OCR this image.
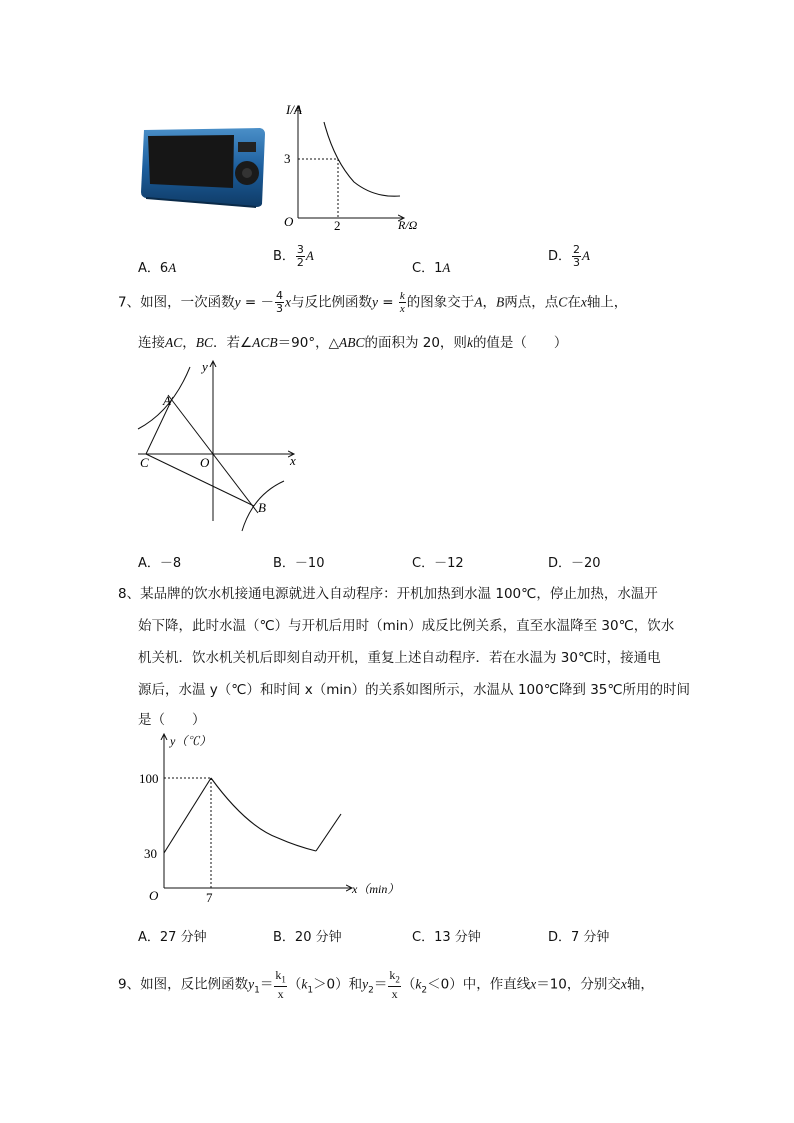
I/A
R/Ω
O
3
2
A．6A
B． $\frac{3}{2}$ A
C．1A
D． $\frac{2}{3}$ A
7、如图，一次函数y = － $\frac{4}{3}$ x与反比例函数$y = \frac{k}{x}$ 的图象交于A，B两点，点C在x轴上，
连接AC，BC．若∠ACB＝90°，△ABC的面积为 20，则k的值是（　　）
A
B
C	O	x
y
A．－8	B．－10	C．－12	D．－20
8、某品牌的饮水机接通电源就进入自动程序：开机加热到水温 100℃，停止加热，水温开
始下降，此时水温（℃）与开机后用时（min）成反比例关系，直至水温降至 30℃，饮水
机关机．饮水机关机后即刻自动开机，重复上述自动程序．若在水温为 30℃时，接通电
源后，水温 y（℃）和时间 x（min）的关系如图所示，水温从 100℃降到 35℃所用的时间
是（　　）
y（℃）
x（min）
O
100
30
7
A．27 分钟	B．20 分钟	C．13 分钟	D．7 分钟
9、如图，反比例函数$y_1= \frac{k_1}{x} (k_1>0)$和$y_2= \frac{k_2}{x} (k_2<0)$中，作直线x＝10，分别交x轴，
